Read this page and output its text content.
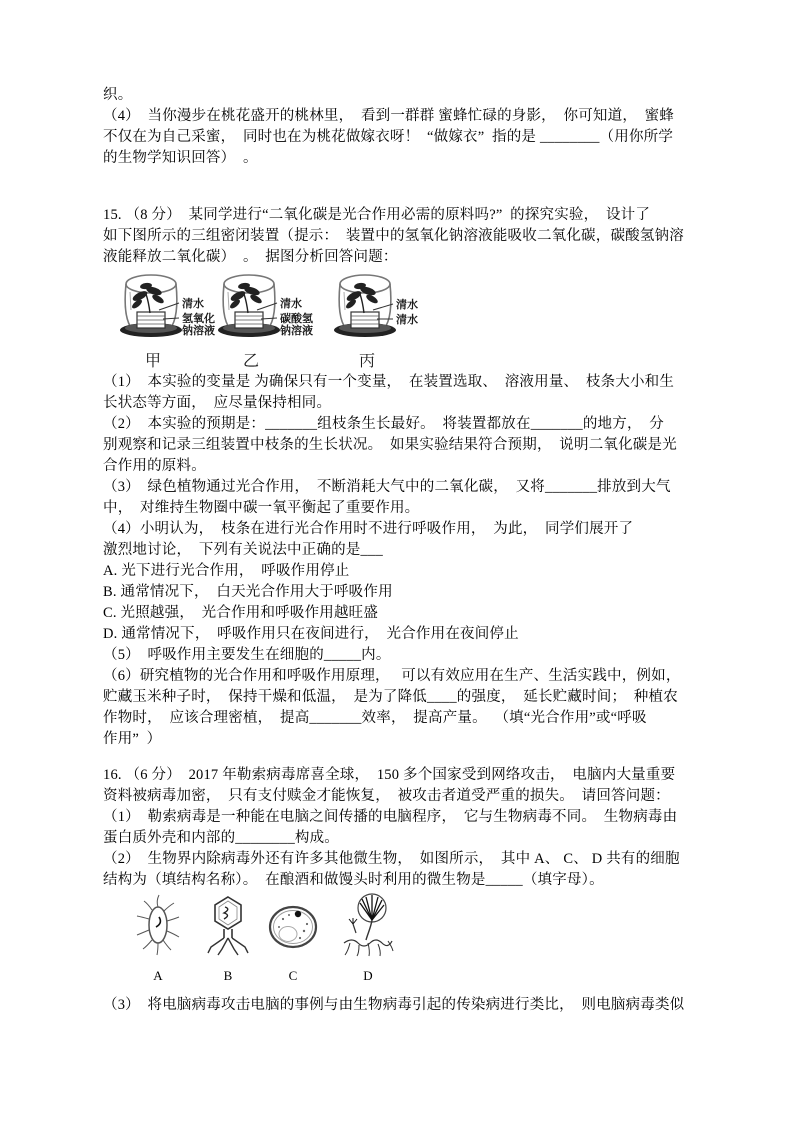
织。
（4）  当你漫步在桃花盛开的桃林里，  看到一群群 蜜蜂忙碌的身影，  你可知道，  蜜蜂
不仅在为自己采蜜，  同时也在为桃花做嫁衣呀！  “做嫁衣”  指的是 ________（用你所学
的生物学知识回答）  。
15. （8 分）  某同学进行“二氧化碳是光合作用必需的原料吗?”  的探究实验，  设计了
如下图所示的三组密闭装置（提示：  装置中的氢氧化钠溶液能吸收二氧化碳，碳酸氢钠溶
液能释放二氧化碳）  。  据图分析回答问题：
清水
氢氧化
钠溶液
甲
清水
碳酸氢
钠溶液
乙
清水
清水
丙
（1）  本实验的变量是 为确保只有一个变量，  在装置选取、  溶液用量、  枝条大小和生
长状态等方面，  应尽量保持相同。
（2）  本实验的预期是：_______组枝条生长最好。  将装置都放在_______的地方，  分
别观察和记录三组装置中枝条的生长状况。  如果实验结果符合预期，  说明二氧化碳是光
合作用的原料。
（3）  绿色植物通过光合作用，  不断消耗大气中的二氧化碳，  又将_______排放到大气
中，  对维持生物圈中碳一氧平衡起了重要作用。
（4）小明认为，  枝条在进行光合作用时不进行呼吸作用，  为此，  同学们展开了
激烈地讨论，  下列有关说法中正确的是___
A. 光下进行光合作用，  呼吸作用停止
B. 通常情况下，  白天光合作用大于呼吸作用
C. 光照越强，  光合作用和呼吸作用越旺盛
D. 通常情况下，  呼吸作用只在夜间进行，  光合作用在夜间停止
（5）  呼吸作用主要发生在细胞的_____内。
（6）研究植物的光合作用和呼吸作用原理，   可以有效应用在生产、生活实践中，例如，
贮藏玉米种子时，  保持干燥和低温，  是为了降低____的强度，  延长贮藏时间；  种植农
作物时，  应该合理密植，  提高_______效率，  提高产量。  （填“光合作用”或“呼吸
作用”  ）
16. （6 分）  2017 年勒索病毒席喜全球，  150 多个国家受到网络攻击，  电脑内大量重要
资料被病毒加密，  只有支付赎金才能恢复，  被攻击者道受严重的损失。  请回答问题：
（1）  勒索病毒是一种能在电脑之间传播的电脑程序，  它与生物病毒不同。  生物病毒由
蛋白质外壳和内部的________构成。
（2）  生物界内除病毒外还有许多其他微生物，  如图所示，  其中 A、 C、 D 共有的细胞
结构为（填结构名称）。  在酿酒和做馒头时利用的微生物是_____（填字母）。
A	B	C	D
（3）  将电脑病毒攻击电脑的事例与由生物病毒引起的传染病进行类比，  则电脑病毒类似
